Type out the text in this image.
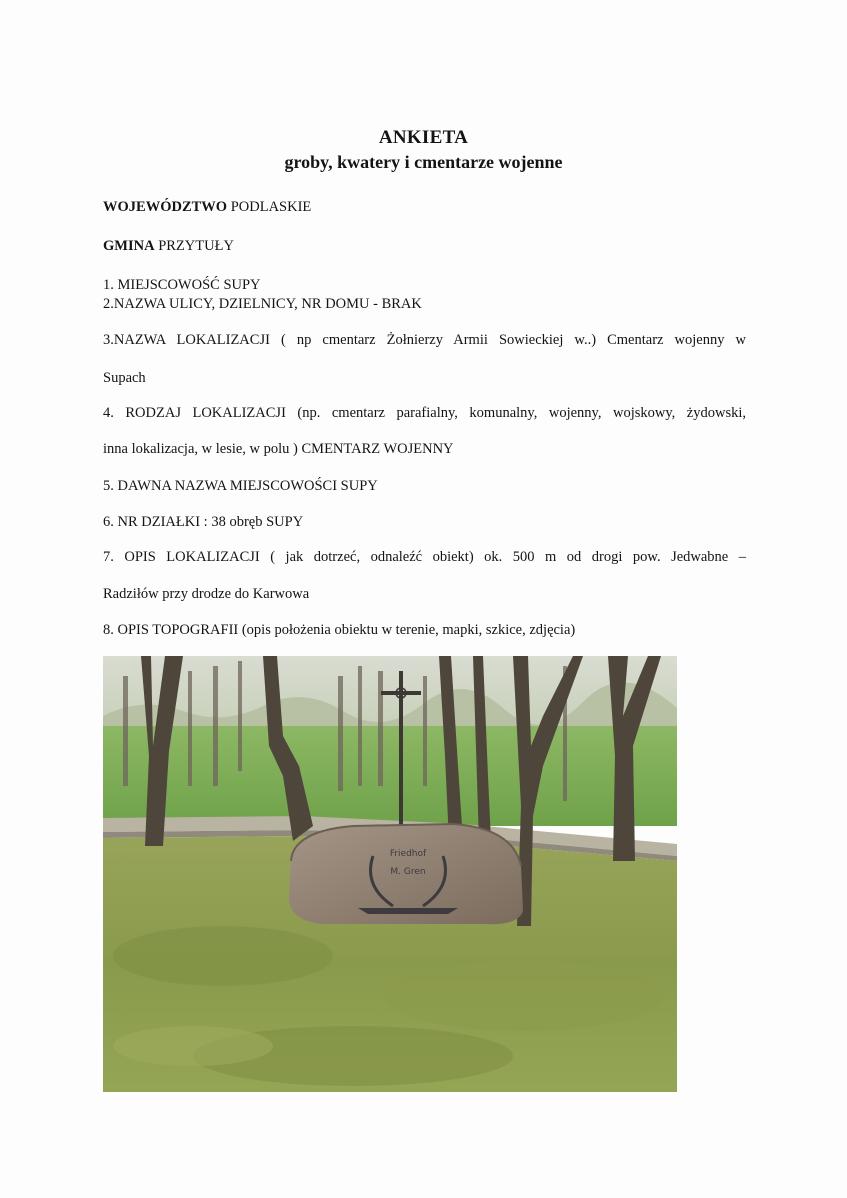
ANKIETA
groby, kwatery i cmentarze wojenne
WOJEWÓDZTWO PODLASKIE
GMINA PRZYTUŁY
1. MIEJSCOWOŚĆ SUPY
2.NAZWA ULICY, DZIELNICY, NR DOMU - BRAK
3.NAZWA LOKALIZACJI ( np cmentarz Żołnierzy Armii Sowieckiej w..) Cmentarz wojenny w
Supach
4. RODZAJ LOKALIZACJI (np. cmentarz parafialny, komunalny, wojenny, wojskowy, żydowski,
inna lokalizacja, w lesie, w polu ) CMENTARZ WOJENNY
5. DAWNA NAZWA MIEJSCOWOŚCI SUPY
6. NR DZIAŁKI : 38 obręb SUPY
7. OPIS LOKALIZACJI ( jak dotrzeć, odnaleźć obiekt) ok. 500 m od drogi pow. Jedwabne –
Radziłów przy drodze do Karwowa
8. OPIS TOPOGRAFII (opis położenia obiektu w terenie, mapki, szkice, zdjęcia)
Friedhof
M. Gren
